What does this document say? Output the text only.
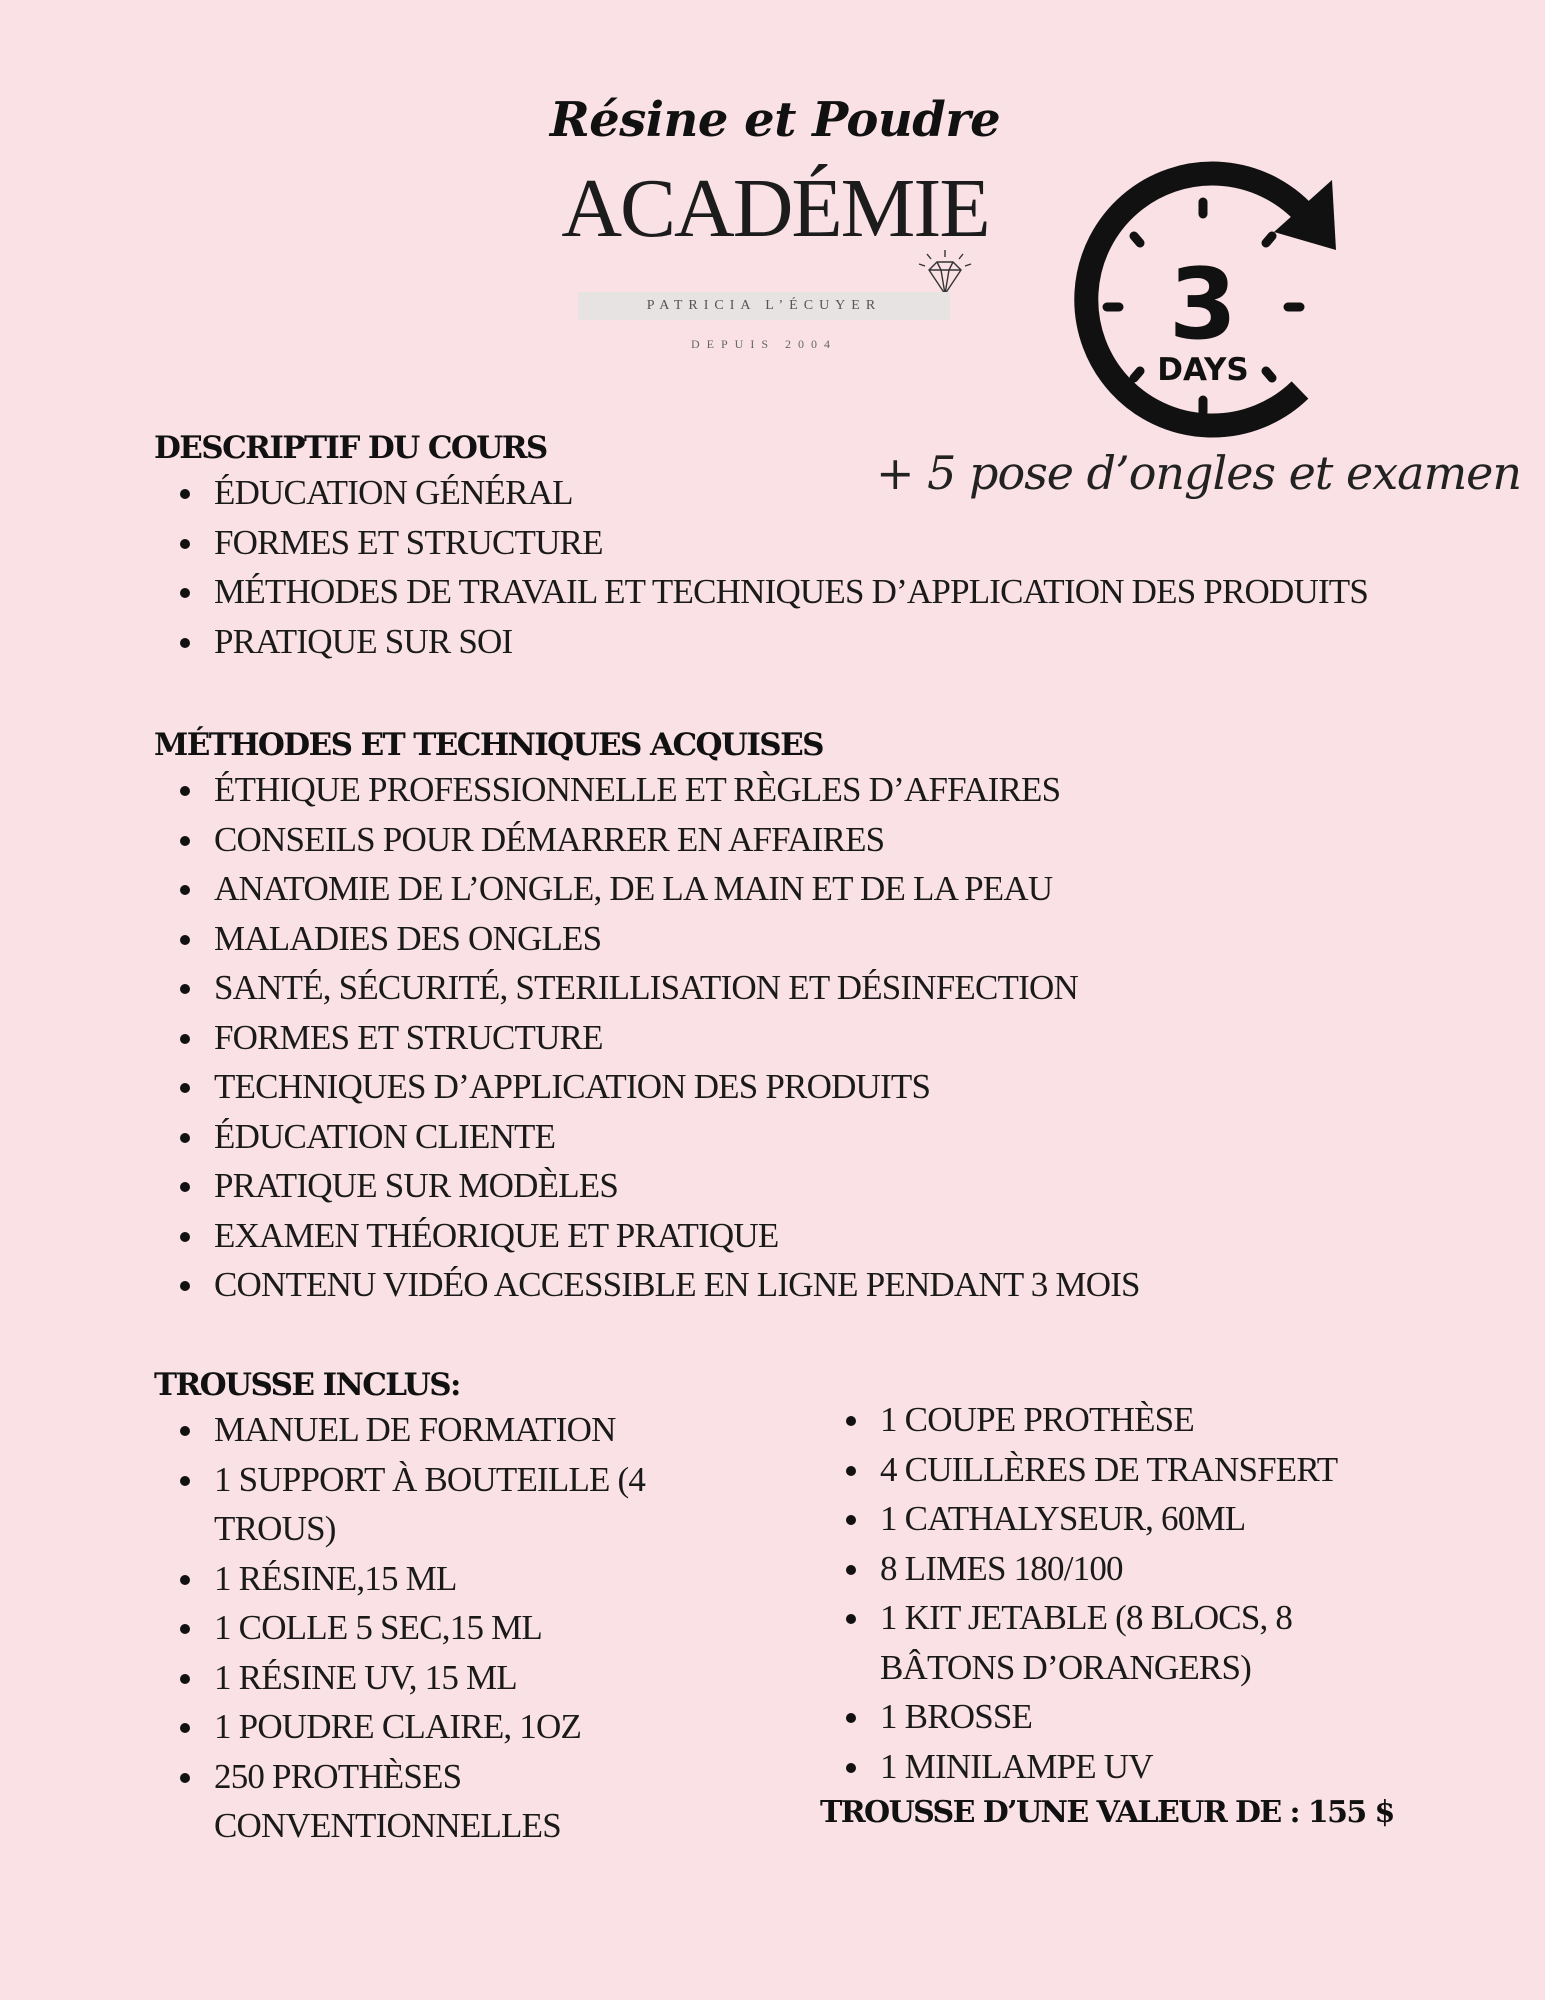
Résine et Poudre
ACADÉMIE
PATRICIA L’ÉCUYER
DEPUIS 2004	3
DAYS
+ 5 pose d’ongles et examen
DESCRIPTIF DU COURS
ÉDUCATION GÉNÉRAL
FORMES ET STRUCTURE
MÉTHODES DE TRAVAIL ET TECHNIQUES D’APPLICATION DES PRODUITS
PRATIQUE SUR SOI
MÉTHODES ET TECHNIQUES ACQUISES
ÉTHIQUE PROFESSIONNELLE ET RÈGLES D’AFFAIRES
CONSEILS POUR DÉMARRER EN AFFAIRES
ANATOMIE DE L’ONGLE, DE LA MAIN ET DE LA PEAU
MALADIES DES ONGLES
SANTÉ, SÉCURITÉ, STERILLISATION ET DÉSINFECTION
FORMES ET STRUCTURE
TECHNIQUES D’APPLICATION DES PRODUITS
ÉDUCATION CLIENTE
PRATIQUE SUR MODÈLES
EXAMEN THÉORIQUE ET PRATIQUE
CONTENU VIDÉO ACCESSIBLE EN LIGNE PENDANT 3 MOIS
TROUSSE INCLUS:
MANUEL DE FORMATION
1 SUPPORT À BOUTEILLE (4 TROUS)
1 RÉSINE,15 ML
1 COLLE 5 SEC,15 ML
1 RÉSINE UV, 15 ML
1 POUDRE CLAIRE, 1OZ
250 PROTHÈSES CONVENTIONNELLES
1 COUPE PROTHÈSE
4 CUILLÈRES DE TRANSFERT
1 CATHALYSEUR, 60ML
8 LIMES 180/100
1 KIT JETABLE (8 BLOCS, 8 BÂTONS D’ORANGERS)
1 BROSSE
1 MINILAMPE UV
TROUSSE D’UNE VALEUR DE : 155 $
